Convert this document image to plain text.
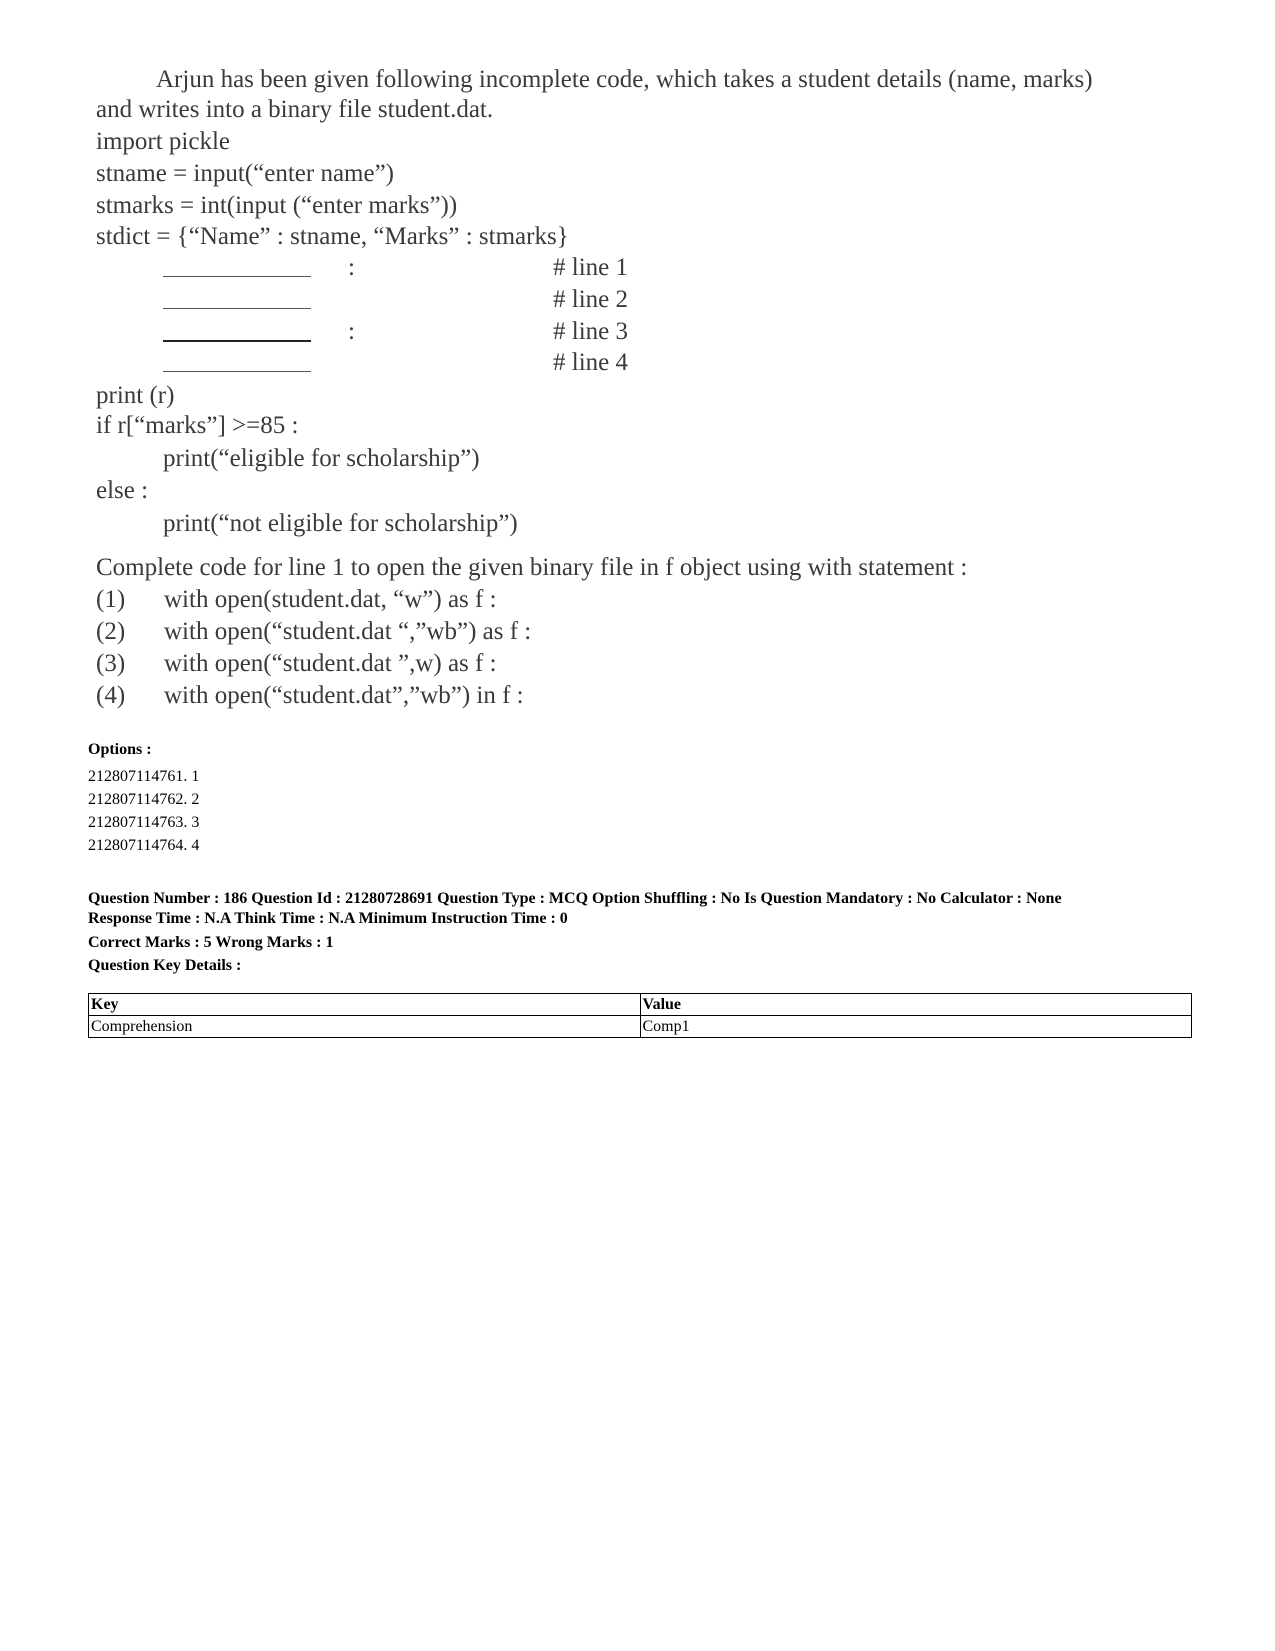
Arjun has been given following incomplete code, which takes a student details (name, marks)
and writes into a binary file student.dat.
import pickle
stname = input(“enter name”)
stmarks = int(input (“enter marks”))
stdict = {“Name” : stname, “Marks” : stmarks}
:	# line 1
# line 2
:	# line 3
# line 4
print (r)
if r[“marks”] >=85 :
print(“eligible for scholarship”)
else :
print(“not eligible for scholarship”)
Complete code for line 1 to open the given binary file in f object using with statement :
(1) with open(student.dat, “w”) as f :
(2) with open(“student.dat “,”wb”) as f :
(3) with open(“student.dat ”,w) as f :
(4) with open(“student.dat”,”wb”) in f :
Options :
212807114761. 1
212807114762. 2
212807114763. 3
212807114764. 4
Question Number : 186 Question Id : 21280728691 Question Type : MCQ Option Shuffling : No Is Question Mandatory : No Calculator : None
Response Time : N.A Think Time : N.A Minimum Instruction Time : 0
Correct Marks : 5 Wrong Marks : 1
Question Key Details :
Key	Value
Comprehension	Comp1
